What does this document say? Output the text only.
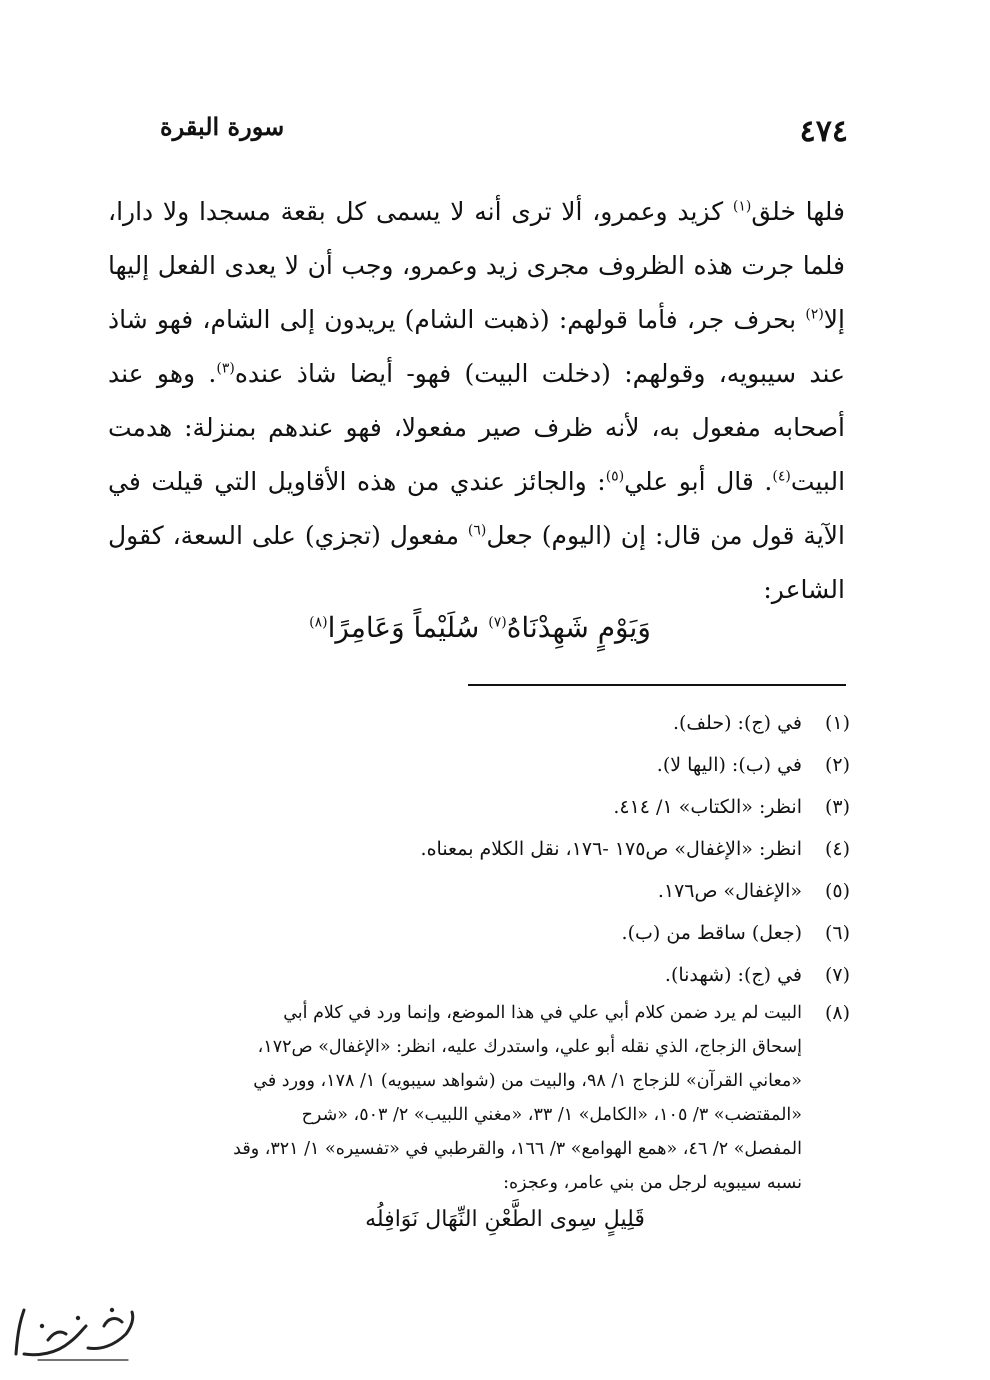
٤٧٤
سورة البقرة
فلها خلق$^{(١)}$ كزيد وعمرو، ألا ترى أنه لا يسمى كل بقعة مسجدا ولا دارا،
فلما جرت هذه الظروف مجرى زيد وعمرو، وجب أن لا يعدى الفعل إليها
إلا$^{(٢)}$ بحرف جر، فأما قولهم: (ذهبت الشام) يريدون إلى الشام، فهو شاذ
عند سيبويه، وقولهم: (دخلت البيت) فهو- أيضا شاذ عنده$^{(٣)}$. وهو عند
أصحابه مفعول به، لأنه ظرف صير مفعولا، فهو عندهم بمنزلة: هدمت
البيت$^{(٤)}$. قال أبو علي$^{(٥)}$: والجائز عندي من هذه الأقاويل التي قيلت في
الآية قول من قال: إن (اليوم) جعل$^{(٦)}$ مفعول (تجزي) على السعة، كقول
الشاعر:
وَيَوْمٍ شَهِدْنَاهُ$^{(٧)}$ سُلَيْماً وَعَامِرًا$^{(٨)}$
(١)
في (ج): (حلف).
(٢)
في (ب): (اليها لا).
(٣)
انظر: «الكتاب» ١/ ٤١٤.
(٤)
انظر: «الإغفال» ص١٧٥ -١٧٦، نقل الكلام بمعناه.
(٥)
«الإغفال» ص١٧٦.
(٦)
(جعل) ساقط من (ب).
(٧)
في (ج): (شهدنا).
(٨)
البيت لم يرد ضمن كلام أبي علي في هذا الموضع، وإنما ورد في كلام أبي
إسحاق الزجاج، الذي نقله أبو علي، واستدرك عليه، انظر: «الإغفال» ص١٧٢،
«معاني القرآن» للزجاج ١/ ٩٨، والبيت من (شواهد سيبويه) ١/ ١٧٨، وورد في
«المقتضب» ٣/ ١٠٥، «الكامل» ١/ ٣٣، «مغني اللبيب» ٢/ ٥٠٣، «شرح
المفصل» ٢/ ٤٦، «همع الهوامع» ٣/ ١٦٦، والقرطبي في «تفسيره» ١/ ٣٢١، وقد
نسبه سيبويه لرجل من بني عامر، وعجزه:
قَلِيلٍ سِوى الطَّعْنِ النِّهَال نَوَافِلُه
